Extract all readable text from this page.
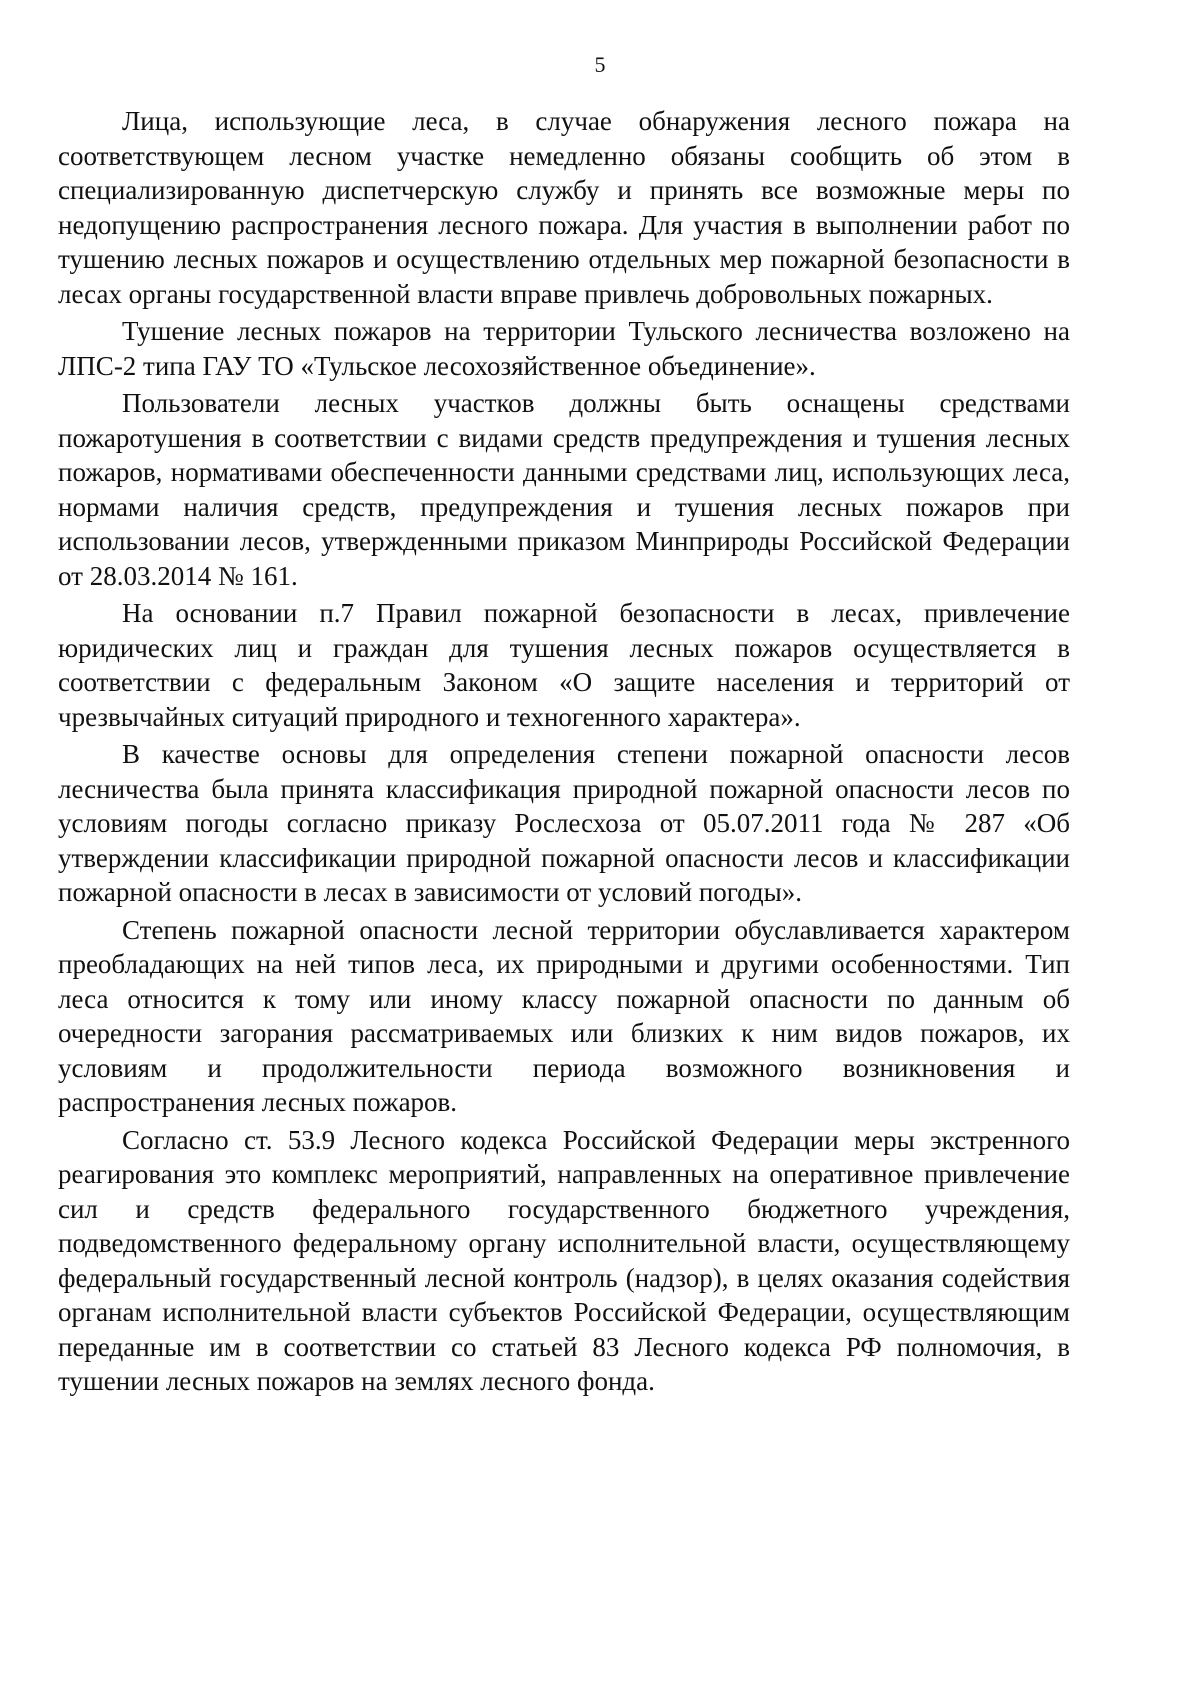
5

Лица, использующие леса, в случае обнаружения лесного пожара на соответствующем лесном участке немедленно обязаны сообщить об этом в специализированную диспетчерскую службу и принять все возможные меры по недопущению распространения лесного пожара. Для участия в выполнении работ по тушению лесных пожаров и осуществлению отдельных мер пожарной безопасности в лесах органы государственной власти вправе привлечь добровольных пожарных.

Тушение лесных пожаров на территории Тульского лесничества возложено на ЛПС-2 типа ГАУ ТО «Тульское лесохозяйственное объединение».

Пользователи лесных участков должны быть оснащены средствами пожаротушения в соответствии с видами средств предупреждения и тушения лесных пожаров, нормативами обеспеченности данными средствами лиц, использующих леса, нормами наличия средств, предупреждения и тушения лесных пожаров при использовании лесов, утвержденными приказом Минприроды Российской Федерации от 28.03.2014 № 161.

На основании п.7 Правил пожарной безопасности в лесах, привлечение юридических лиц и граждан для тушения лесных пожаров осуществляется в соответствии с федеральным Законом «О защите населения и территорий от чрезвычайных ситуаций природного и техногенного характера».

В качестве основы для определения степени пожарной опасности лесов лесничества была принята классификация природной пожарной опасности лесов по условиям погоды согласно приказу Рослесхоза от 05.07.2011 года № 287 «Об утверждении классификации природной пожарной опасности лесов и классификации пожарной опасности в лесах в зависимости от условий погоды».

Степень пожарной опасности лесной территории обуславливается характером преобладающих на ней типов леса, их природными и другими особенностями. Тип леса относится к тому или иному классу пожарной опасности по данным об очередности загорания рассматриваемых или близких к ним видов пожаров, их условиям и продолжительности периода возможного возникновения и распространения лесных пожаров.

Согласно ст. 53.9 Лесного кодекса Российской Федерации меры экстренного реагирования это комплекс мероприятий, направленных на оперативное привлечение сил и средств федерального государственного бюджетного учреждения, подведомственного федеральному органу исполнительной власти, осуществляющему федеральный государственный лесной контроль (надзор), в целях оказания содействия органам исполнительной власти субъектов Российской Федерации, осуществляющим переданные им в соответствии со статьей 83 Лесного кодекса РФ полномочия, в тушении лесных пожаров на землях лесного фонда.
